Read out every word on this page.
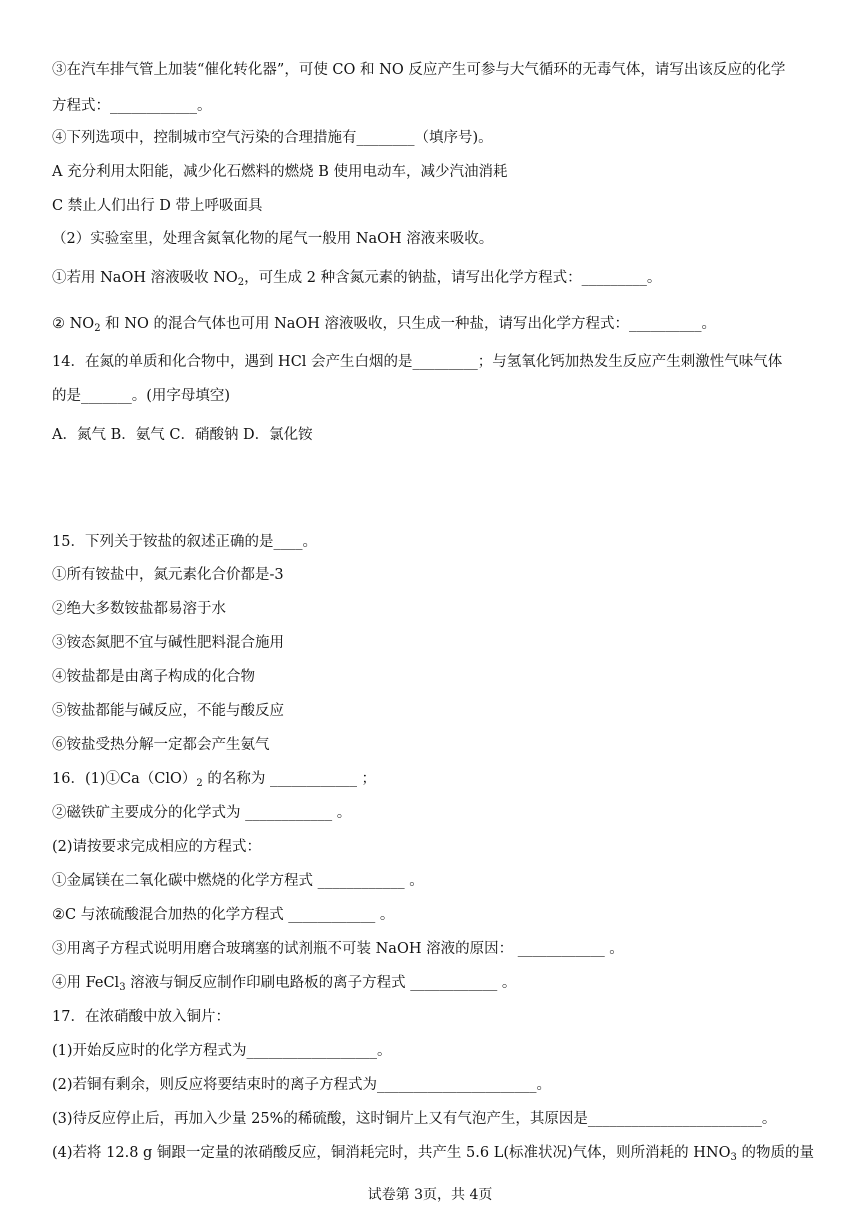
③在汽车排气管上加装“催化转化器”，可使 CO 和 NO 反应产生可参与大气循环的无毒气体，请写出该反应的化学
方程式：____________。
④下列选项中，控制城市空气污染的合理措施有________（填序号)。
A 充分利用太阳能，减少化石燃料的燃烧 B 使用电动车，减少汽油消耗
C 禁止人们出行 D 带上呼吸面具
（2）实验室里，处理含氮氧化物的尾气一般用 NaOH 溶液来吸收。
①若用 NaOH 溶液吸收 $NO_2$，可生成 2 种含氮元素的钠盐，请写出化学方程式：_________。
② $NO_2$ 和 NO 的混合气体也可用 NaOH 溶液吸收，只生成一种盐，请写出化学方程式：__________。
14．在氮的单质和化合物中，遇到 HCl 会产生白烟的是_________；与氢氧化钙加热发生反应产生刺激性气味气体
的是_______。(用字母填空)
A．氮气 B．氨气 C．硝酸钠 D．氯化铵
15．下列关于铵盐的叙述正确的是____。
①所有铵盐中，氮元素化合价都是-3
②绝大多数铵盐都易溶于水
③铵态氮肥不宜与碱性肥料混合施用
④铵盐都是由离子构成的化合物
⑤铵盐都能与碱反应，不能与酸反应
⑥铵盐受热分解一定都会产生氨气
16．$(1)①Ca(ClO)_2$ 的名称为 ____________ ；
②磁铁矿主要成分的化学式为 ____________ 。
(2)请按要求完成相应的方程式：
①金属镁在二氧化碳中燃烧的化学方程式 ____________ 。
②C 与浓硫酸混合加热的化学方程式 ____________ 。
③用离子方程式说明用磨合玻璃塞的试剂瓶不可装 NaOH 溶液的原因： ____________ 。
④用 FeCl$_3$ 溶液与铜反应制作印刷电路板的离子方程式 ____________ 。
17．在浓硝酸中放入铜片：
(1)开始反应时的化学方程式为__________________。
(2)若铜有剩余，则反应将要结束时的离子方程式为______________________。
(3)待反应停止后，再加入少量 25%的稀硫酸，这时铜片上又有气泡产生，其原因是________________________。
(4)若将 12.8 g 铜跟一定量的浓硝酸反应，铜消耗完时，共产生 5.6 L(标准状况)气体，则所消耗的 $HNO_3$ 的物质的量
试卷第 3页，共 4页
